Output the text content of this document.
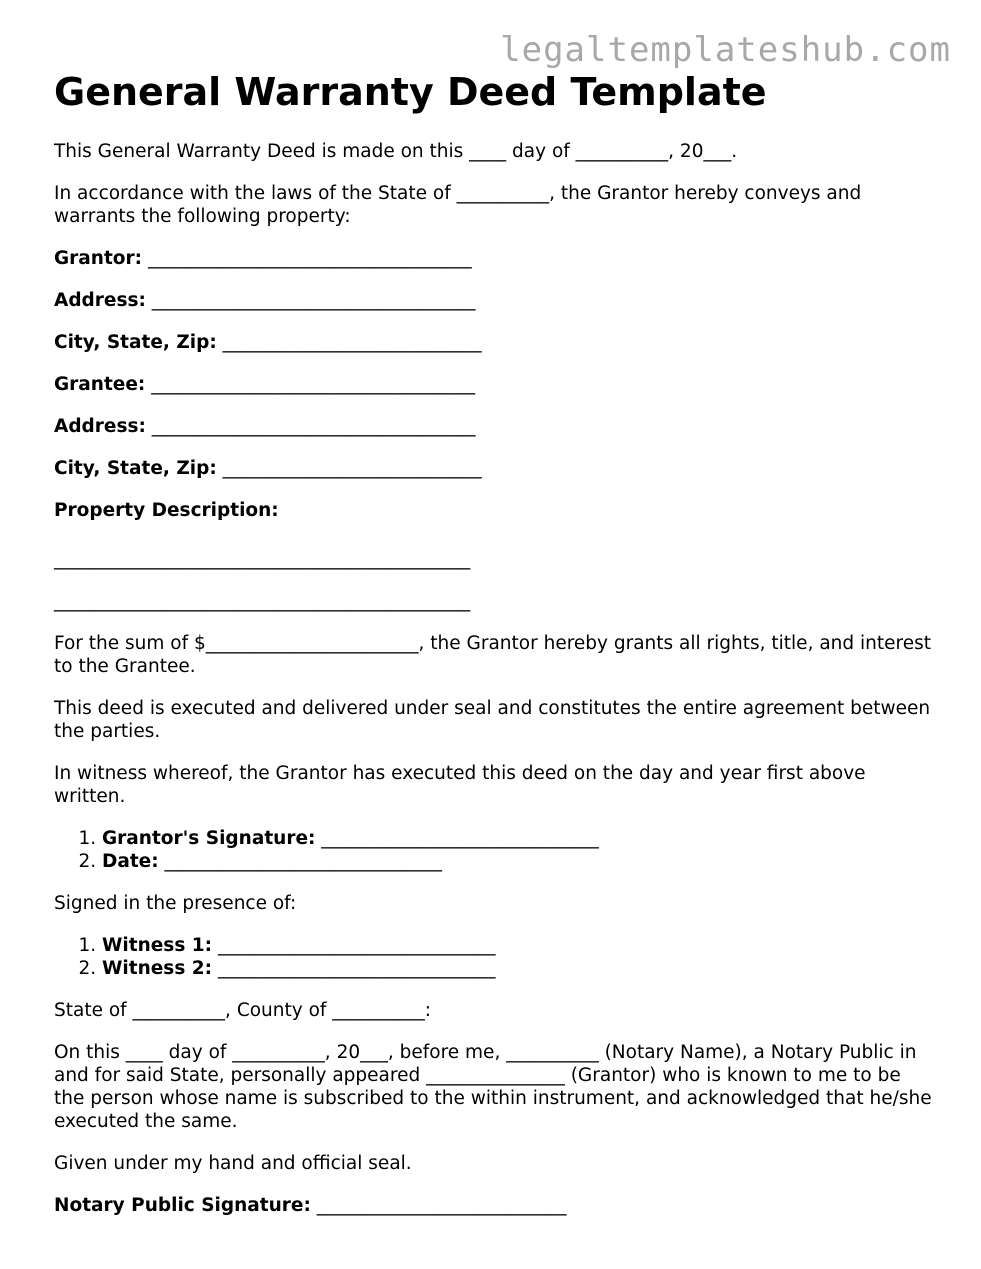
legaltemplateshub.com
General Warranty Deed Template

This General Warranty Deed is made on this ____ day of __________, 20___.

In accordance with the laws of the State of __________, the Grantor hereby conveys and warrants the following property:

Grantor: ___________________________________

Address: ___________________________________

City, State, Zip: ____________________________

Grantee: ___________________________________

Address: ___________________________________

City, State, Zip: ____________________________

Property Description:

_____________________________________________
_____________________________________________

For the sum of $_______________________, the Grantor hereby grants all rights, title, and interest to the Grantee.

This deed is executed and delivered under seal and constitutes the entire agreement between the parties.

In witness whereof, the Grantor has executed this deed on the day and year first above written.

1. Grantor's Signature: ______________________________
2. Date: ______________________________

Signed in the presence of:

1. Witness 1: ______________________________
2. Witness 2: ______________________________

State of __________, County of __________:

On this ____ day of __________, 20___, before me, __________ (Notary Name), a Notary Public in and for said State, personally appeared _______________ (Grantor) who is known to me to be the person whose name is subscribed to the within instrument, and acknowledged that he/she executed the same.

Given under my hand and official seal.

Notary Public Signature: ___________________________
